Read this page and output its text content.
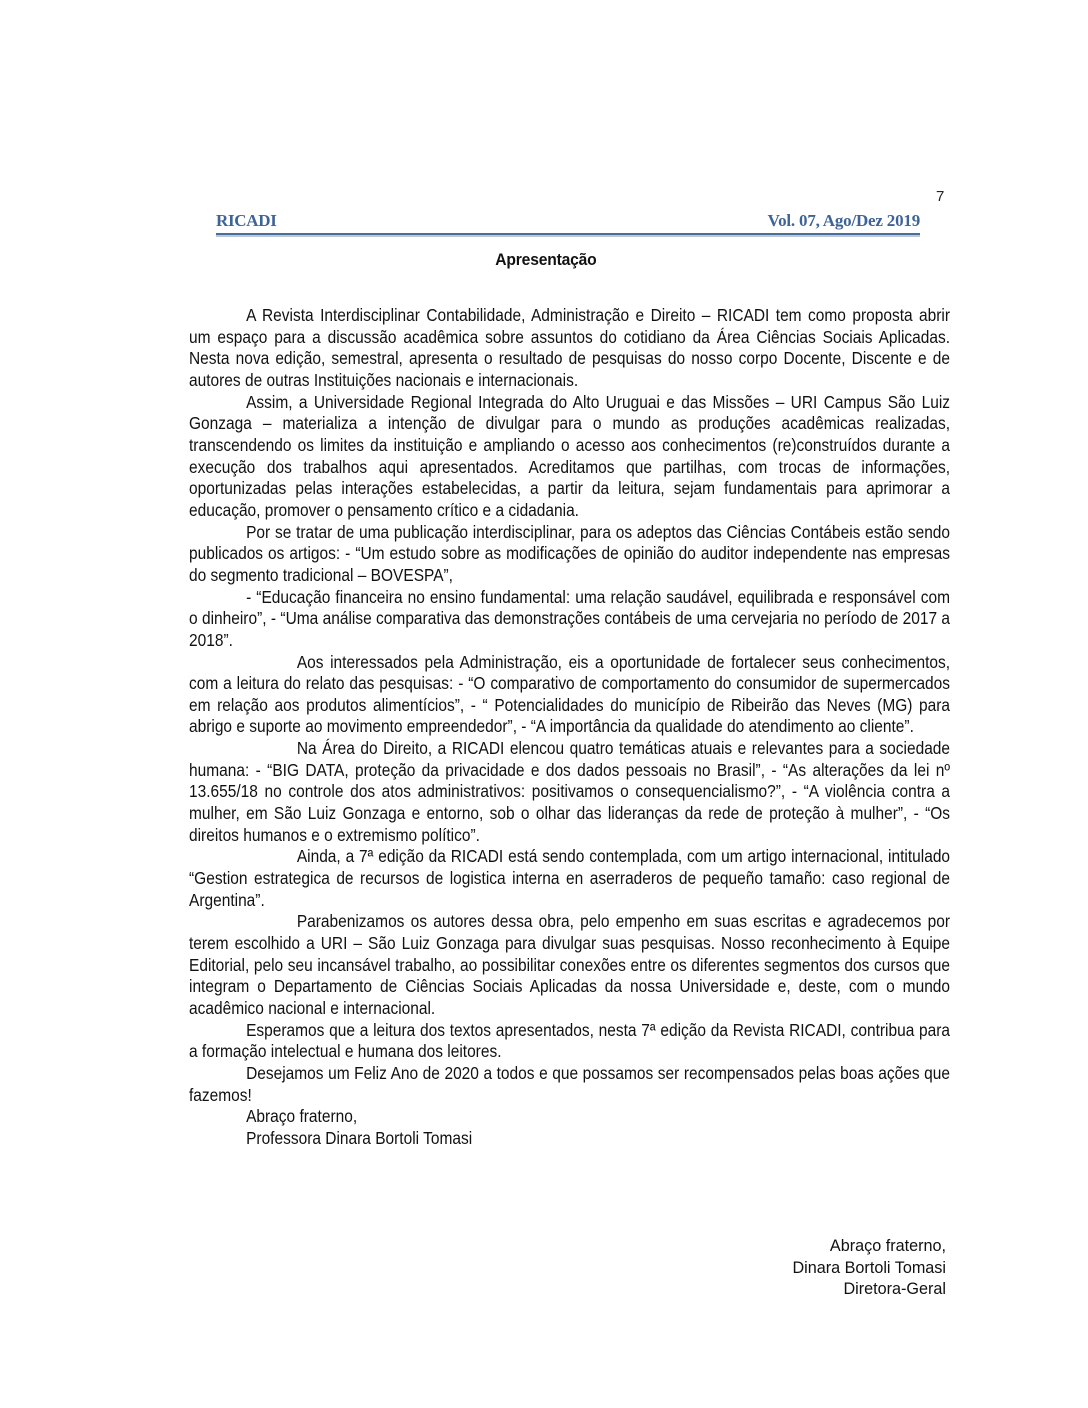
7
RICADI	Vol. 07, Ago/Dez 2019
Apresentação

A Revista Interdisciplinar Contabilidade, Administração e Direito – RICADI tem como proposta abrir um espaço para a discussão acadêmica sobre assuntos do cotidiano da Área Ciências Sociais Aplicadas. Nesta nova edição, semestral, apresenta o resultado de pesquisas do nosso corpo Docente, Discente e de autores de outras Instituições nacionais e internacionais.

Assim, a Universidade Regional Integrada do Alto Uruguai e das Missões – URI Campus São Luiz Gonzaga – materializa a intenção de divulgar para o mundo as produções acadêmicas realizadas, transcendendo os limites da instituição e ampliando o acesso aos conhecimentos (re)construídos durante a execução dos trabalhos aqui apresentados. Acreditamos que partilhas, com trocas de informações, oportunizadas pelas interações estabelecidas, a partir da leitura, sejam fundamentais para aprimorar a educação, promover o pensamento crítico e a cidadania.

Por se tratar de uma publicação interdisciplinar, para os adeptos das Ciências Contábeis estão sendo publicados os artigos: - “Um estudo sobre as modificações de opinião do auditor independente nas empresas do segmento tradicional – BOVESPA”,

- “Educação financeira no ensino fundamental: uma relação saudável, equilibrada e responsável com o dinheiro”, - “Uma análise comparativa das demonstrações contábeis de uma cervejaria no período de 2017 a 2018”.

Aos interessados pela Administração, eis a oportunidade de fortalecer seus conhecimentos, com a leitura do relato das pesquisas: - “O comparativo de comportamento do consumidor de supermercados em relação aos produtos alimentícios”, - “ Potencialidades do município de Ribeirão das Neves (MG) para abrigo e suporte ao movimento empreendedor”, - “A importância da qualidade do atendimento ao cliente”.

Na Área do Direito, a RICADI elencou quatro temáticas atuais e relevantes para a sociedade humana: - “BIG DATA, proteção da privacidade e dos dados pessoais no Brasil”, - “As alterações da lei nº 13.655/18 no controle dos atos administrativos: positivamos o consequencialismo?”, - “A violência contra a mulher, em São Luiz Gonzaga e entorno, sob o olhar das lideranças da rede de proteção à mulher”, - “Os direitos humanos e o extremismo político”.

Ainda, a 7ª edição da RICADI está sendo contemplada, com um artigo internacional, intitulado “Gestion estrategica de recursos de logistica interna en aserraderos de pequeño tamaño: caso regional de Argentina”.

Parabenizamos os autores dessa obra, pelo empenho em suas escritas e agradecemos por terem escolhido a URI – São Luiz Gonzaga para divulgar suas pesquisas. Nosso reconhecimento à Equipe Editorial, pelo seu incansável trabalho, ao possibilitar conexões entre os diferentes segmentos dos cursos que integram o Departamento de Ciências Sociais Aplicadas da nossa Universidade e, deste, com o mundo acadêmico nacional e internacional.

Esperamos que a leitura dos textos apresentados, nesta 7ª edição da Revista RICADI, contribua para a formação intelectual e humana dos leitores.

Desejamos um Feliz Ano de 2020 a todos e que possamos ser recompensados pelas boas ações que fazemos!

Abraço fraterno,

Professora Dinara Bortoli Tomasi

Abraço fraterno,
Dinara Bortoli Tomasi
Diretora-Geral
